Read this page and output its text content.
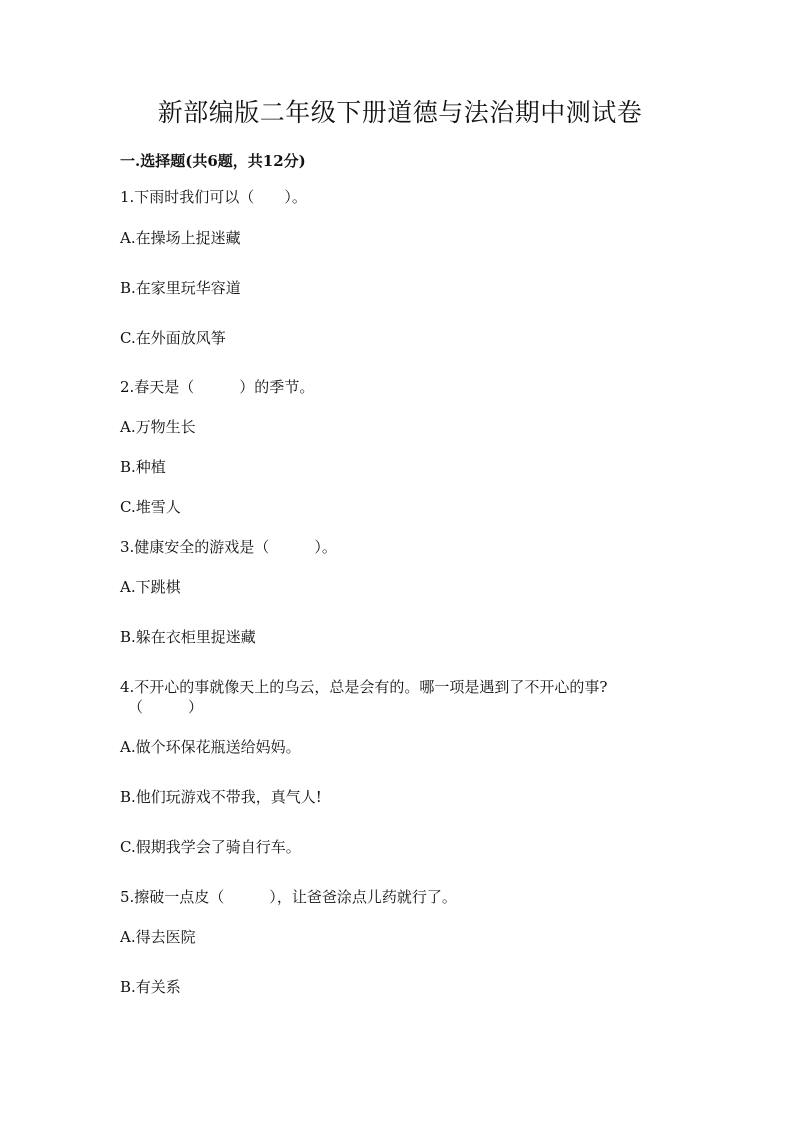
新部编版二年级下册道德与法治期中测试卷
一.选择题(共6题，共12分)
1.下雨时我们可以（　　）。
A.在操场上捉迷藏
B.在家里玩华容道
C.在外面放风筝
2.春天是（　　　）的季节。
A.万物生长
B.种植
C.堆雪人
3.健康安全的游戏是（　　　）。
A.下跳棋
B.躲在衣柜里捉迷藏
4.不开心的事就像天上的乌云，总是会有的。哪一项是遇到了不开心的事?
（　　　）
A.做个环保花瓶送给妈妈。
B.他们玩游戏不带我，真气人!
C.假期我学会了骑自行车。
5.擦破一点皮（　　　），让爸爸涂点儿药就行了。
A.得去医院
B.有关系
